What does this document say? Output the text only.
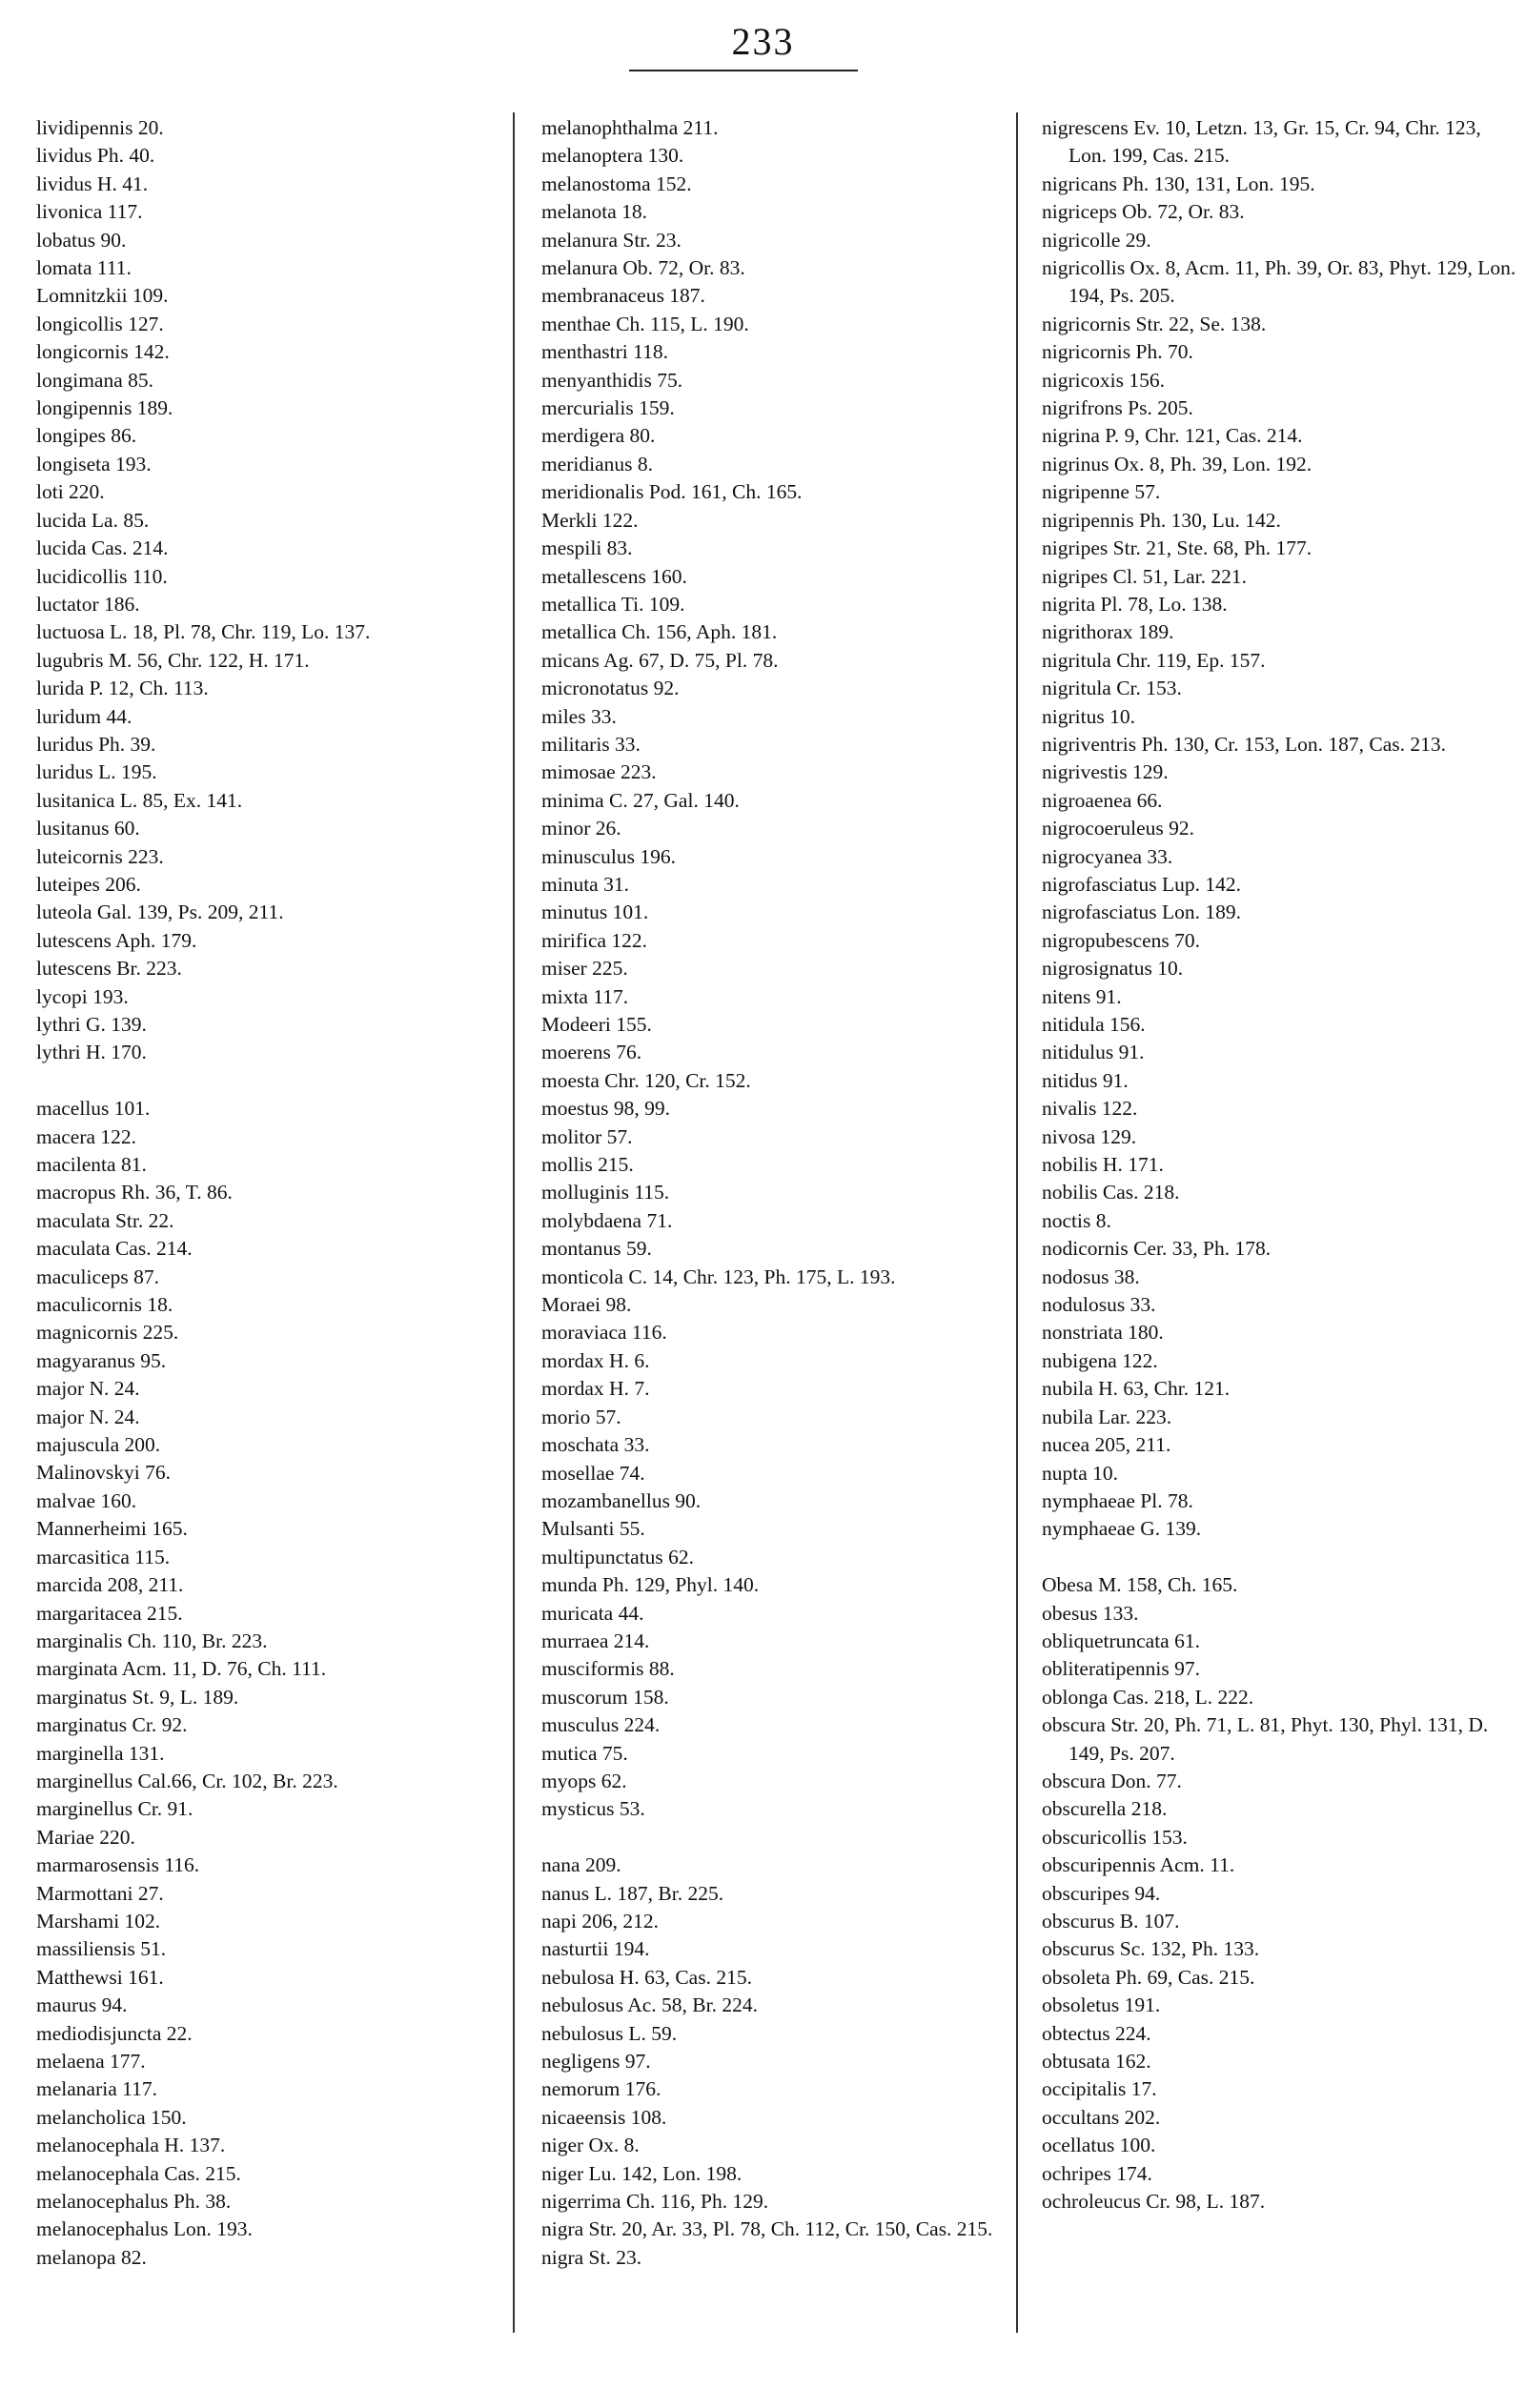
233
lividipennis 20.
lividus Ph. 40.
lividus H. 41.
livonica 117.
lobatus 90.
lomata 111.
Lomnitzkii 109.
longicollis 127.
longicornis 142.
longimana 85.
longipennis 189.
longipes 86.
longiseta 193.
loti 220.
lucida La. 85.
lucida Cas. 214.
lucidicollis 110.
luctator 186.
luctuosa L. 18, Pl. 78, Chr. 119, Lo. 137.
lugubris M. 56, Chr. 122, H. 171.
lurida P. 12, Ch. 113.
luridum 44.
luridus Ph. 39.
luridus L. 195.
lusitanica L. 85, Ex. 141.
lusitanus 60.
luteicornis 223.
luteipes 206.
luteola Gal. 139, Ps. 209, 211.
lutescens Aph. 179.
lutescens Br. 223.
lycopi 193.
lythri G. 139.
lythri H. 170.
macellus 101.
macera 122.
macilenta 81.
macropus Rh. 36, T. 86.
maculata Str. 22.
maculata Cas. 214.
maculiceps 87.
maculicornis 18.
magnicornis 225.
magyaranus 95.
major N. 24.
major N. 24.
majuscula 200.
Malinovskyi 76.
malvae 160.
Mannerheimi 165.
marcasitica 115.
marcida 208, 211.
margaritacea 215.
marginalis Ch. 110, Br. 223.
marginata Acm. 11, D. 76, Ch. 111.
marginatus St. 9, L. 189.
marginatus Cr. 92.
marginella 131.
marginellus Cal.66, Cr. 102, Br. 223.
marginellus Cr. 91.
Mariae 220.
marmarosensis 116.
Marmottani 27.
Marshami 102.
massiliensis 51.
Matthewsi 161.
maurus 94.
mediodisjuncta 22.
melaena 177.
melanaria 117.
melancholica 150.
melanocephala H. 137.
melanocephala Cas. 215.
melanocephalus Ph. 38.
melanocephalus Lon. 193.
melanopa 82.
melanophthalma 211.
melanoptera 130.
melanostoma 152.
melanota 18.
melanura Str. 23.
melanura Ob. 72, Or. 83.
membranaceus 187.
menthae Ch. 115, L. 190.
menthastri 118.
menyanthidis 75.
mercurialis 159.
merdigera 80.
meridianus 8.
meridionalis Pod. 161, Ch. 165.
Merkli 122.
mespili 83.
metallescens 160.
metallica Ti. 109.
metallica Ch. 156, Aph. 181.
micans Ag. 67, D. 75, Pl. 78.
micronotatus 92.
miles 33.
militaris 33.
mimosae 223.
minima C. 27, Gal. 140.
minor 26.
minusculus 196.
minuta 31.
minutus 101.
mirifica 122.
miser 225.
mixta 117.
Modeeri 155.
moerens 76.
moesta Chr. 120, Cr. 152.
moestus 98, 99.
molitor 57.
mollis 215.
molluginis 115.
molybdaena 71.
montanus 59.
monticola C. 14, Chr. 123, Ph. 175, L. 193.
Moraei 98.
moraviaca 116.
mordax H. 6.
mordax H. 7.
morio 57.
moschata 33.
mosellae 74.
mozambanellus 90.
Mulsanti 55.
multipunctatus 62.
munda Ph. 129, Phyl. 140.
muricata 44.
murraea 214.
musciformis 88.
muscorum 158.
musculus 224.
mutica 75.
myops 62.
mysticus 53.
nana 209.
nanus L. 187, Br. 225.
napi 206, 212.
nasturtii 194.
nebulosa H. 63, Cas. 215.
nebulosus Ac. 58, Br. 224.
nebulosus L. 59.
negligens 97.
nemorum 176.
nicaeensis 108.
niger Ox. 8.
niger Lu. 142, Lon. 198.
nigerrima Ch. 116, Ph. 129.
nigra Str. 20, Ar. 33, Pl. 78, Ch. 112, Cr. 150, Cas. 215.
nigra St. 23.
nigrescens Ev. 10, Letzn. 13, Gr. 15, Cr. 94, Chr. 123, Lon. 199, Cas. 215.
nigricans Ph. 130, 131, Lon. 195.
nigriceps Ob. 72, Or. 83.
nigricolle 29.
nigricollis Ox. 8, Acm. 11, Ph. 39, Or. 83, Phyt. 129, Lon. 194, Ps. 205.
nigricornis Str. 22, Se. 138.
nigricornis Ph. 70.
nigricoxis 156.
nigrifrons Ps. 205.
nigrina P. 9, Chr. 121, Cas. 214.
nigrinus Ox. 8, Ph. 39, Lon. 192.
nigripenne 57.
nigripennis Ph. 130, Lu. 142.
nigripes Str. 21, Ste. 68, Ph. 177.
nigripes Cl. 51, Lar. 221.
nigrita Pl. 78, Lo. 138.
nigrithorax 189.
nigritula Chr. 119, Ep. 157.
nigritula Cr. 153.
nigritus 10.
nigriventris Ph. 130, Cr. 153, Lon. 187, Cas. 213.
nigrivestis 129.
nigroaenea 66.
nigrocoeruleus 92.
nigrocyanea 33.
nigrofasciatus Lup. 142.
nigrofasciatus Lon. 189.
nigropubescens 70.
nigrosignatus 10.
nitens 91.
nitidula 156.
nitidulus 91.
nitidus 91.
nivalis 122.
nivosa 129.
nobilis H. 171.
nobilis Cas. 218.
noctis 8.
nodicornis Cer. 33, Ph. 178.
nodosus 38.
nodulosus 33.
nonstriata 180.
nubigena 122.
nubila H. 63, Chr. 121.
nubila Lar. 223.
nucea 205, 211.
nupta 10.
nymphaeae Pl. 78.
nymphaeae G. 139.
Obesa M. 158, Ch. 165.
obesus 133.
obliquetruncata 61.
obliteratipennis 97.
oblonga Cas. 218, L. 222.
obscura Str. 20, Ph. 71, L. 81, Phyt. 130, Phyl. 131, D. 149, Ps. 207.
obscura Don. 77.
obscurella 218.
obscuricollis 153.
obscuripennis Acm. 11.
obscuripes 94.
obscurus B. 107.
obscurus Sc. 132, Ph. 133.
obsoleta Ph. 69, Cas. 215.
obsoletus 191.
obtectus 224.
obtusata 162.
occipitalis 17.
occultans 202.
ocellatus 100.
ochripes 174.
ochroleucus Cr. 98, L. 187.
